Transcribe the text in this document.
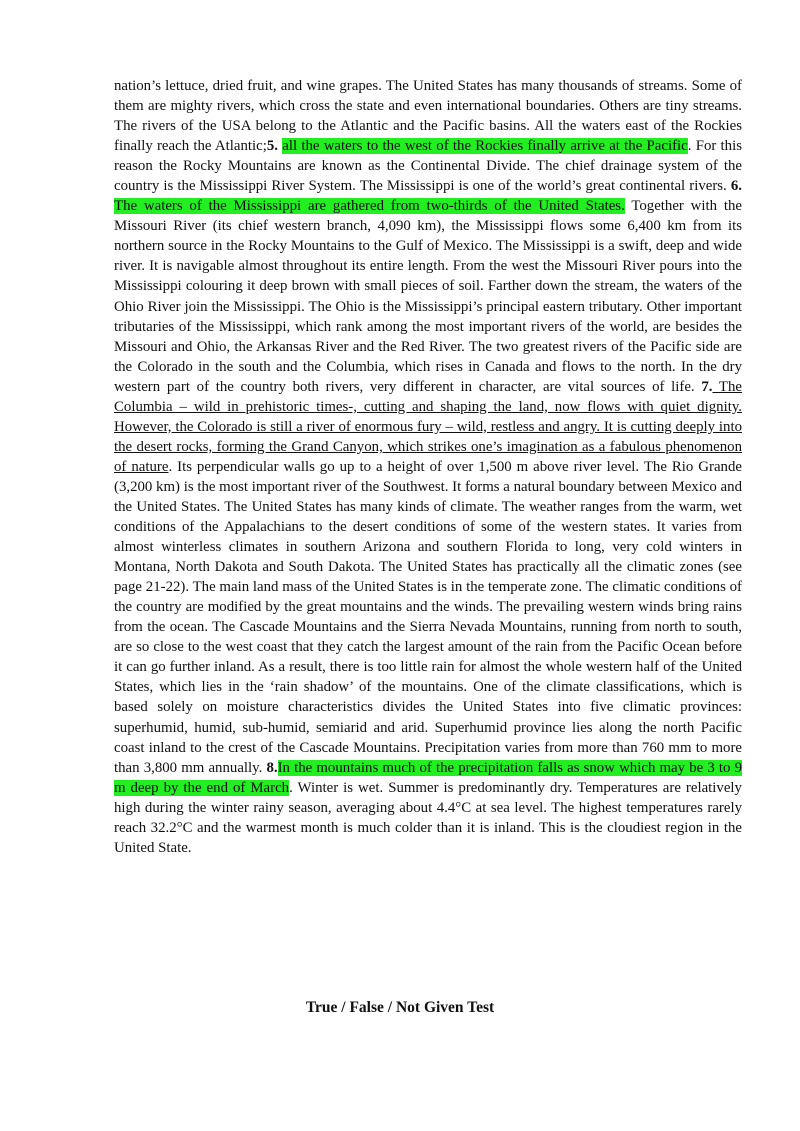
nation’s lettuce, dried fruit, and wine grapes. The United States has many thousands of streams. Some of them are mighty rivers, which cross the state and even international boundaries. Others are tiny streams. The rivers of the USA belong to the Atlantic and the Pacific basins. All the waters east of the Rockies finally reach the Atlantic;5. all the waters to the west of the Rockies finally arrive at the Pacific. For this reason the Rocky Mountains are known as the Continental Divide. The chief drainage system of the country is the Mississippi River System. The Mississippi is one of the world’s great continental rivers. 6. The waters of the Mississippi are gathered from two-thirds of the United States. Together with the Missouri River (its chief western branch, 4,090 km), the Mississippi flows some 6,400 km from its northern source in the Rocky Mountains to the Gulf of Mexico. The Mississippi is a swift, deep and wide river. It is navigable almost throughout its entire length. From the west the Missouri River pours into the Mississippi colouring it deep brown with small pieces of soil. Farther down the stream, the waters of the Ohio River join the Mississippi. The Ohio is the Mississippi’s principal eastern tributary. Other important tributaries of the Mississippi, which rank among the most important rivers of the world, are besides the Missouri and Ohio, the Arkansas River and the Red River. The two greatest rivers of the Pacific side are the Colorado in the south and the Columbia, which rises in Canada and flows to the north. In the dry western part of the country both rivers, very different in character, are vital sources of life. 7. The Columbia – wild in prehistoric times-, cutting and shaping the land, now flows with quiet dignity. However, the Colorado is still a river of enormous fury – wild, restless and angry. It is cutting deeply into the desert rocks, forming the Grand Canyon, which strikes one’s imagination as a fabulous phenomenon of nature. Its perpendicular walls go up to a height of over 1,500 m above river level. The Rio Grande (3,200 km) is the most important river of the Southwest. It forms a natural boundary between Mexico and the United States. The United States has many kinds of climate. The weather ranges from the warm, wet conditions of the Appalachians to the desert conditions of some of the western states. It varies from almost winterless climates in southern Arizona and southern Florida to long, very cold winters in Montana, North Dakota and South Dakota. The United States has practically all the climatic zones (see page 21-22). The main land mass of the United States is in the temperate zone. The climatic conditions of the country are modified by the great mountains and the winds. The prevailing western winds bring rains from the ocean. The Cascade Mountains and the Sierra Nevada Mountains, running from north to south, are so close to the west coast that they catch the largest amount of the rain from the Pacific Ocean before it can go further inland. As a result, there is too little rain for almost the whole western half of the United States, which lies in the ‘rain shadow’ of the mountains. One of the climate classifications, which is based solely on moisture characteristics divides the United States into five climatic provinces: superhumid, humid, sub-humid, semiarid and arid. Superhumid province lies along the north Pacific coast inland to the crest of the Cascade Mountains. Precipitation varies from more than 760 mm to more than 3,800 mm annually. 8.In the mountains much of the precipitation falls as snow which may be 3 to 9 m deep by the end of March. Winter is wet. Summer is predominantly dry. Temperatures are relatively high during the winter rainy season, averaging about 4.4°C at sea level. The highest temperatures rarely reach 32.2°C and the warmest month is much colder than it is inland. This is the cloudiest region in the United State.
True / False / Not Given Test
